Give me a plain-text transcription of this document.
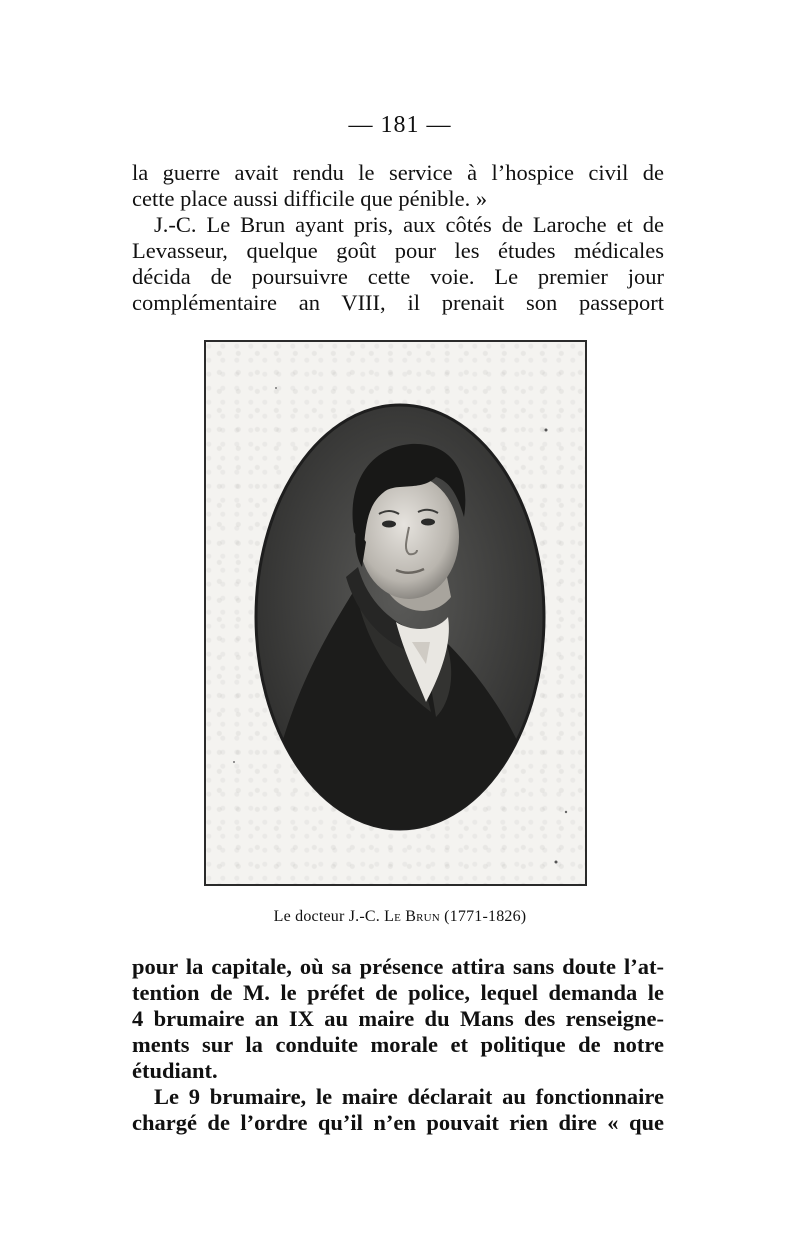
— 181 —
la guerre avait rendu le service à l’hospice civil de
cette place aussi difficile que pénible. »
J.-C. Le Brun ayant pris, aux côtés de Laroche et de
Levasseur, quelque goût pour les études médicales
décida de poursuivre cette voie. Le premier jour
complémentaire an VIII, il prenait son passeport
Le docteur J.-C. Le Brun (1771-1826)
pour la capitale, où sa présence attira sans doute l’at-
tention de M. le préfet de police, lequel demanda le
4 brumaire an IX au maire du Mans des renseigne-
ments sur la conduite morale et politique de notre
étudiant.
Le 9 brumaire, le maire déclarait au fonctionnaire
chargé de l’ordre qu’il n’en pouvait rien dire « que
